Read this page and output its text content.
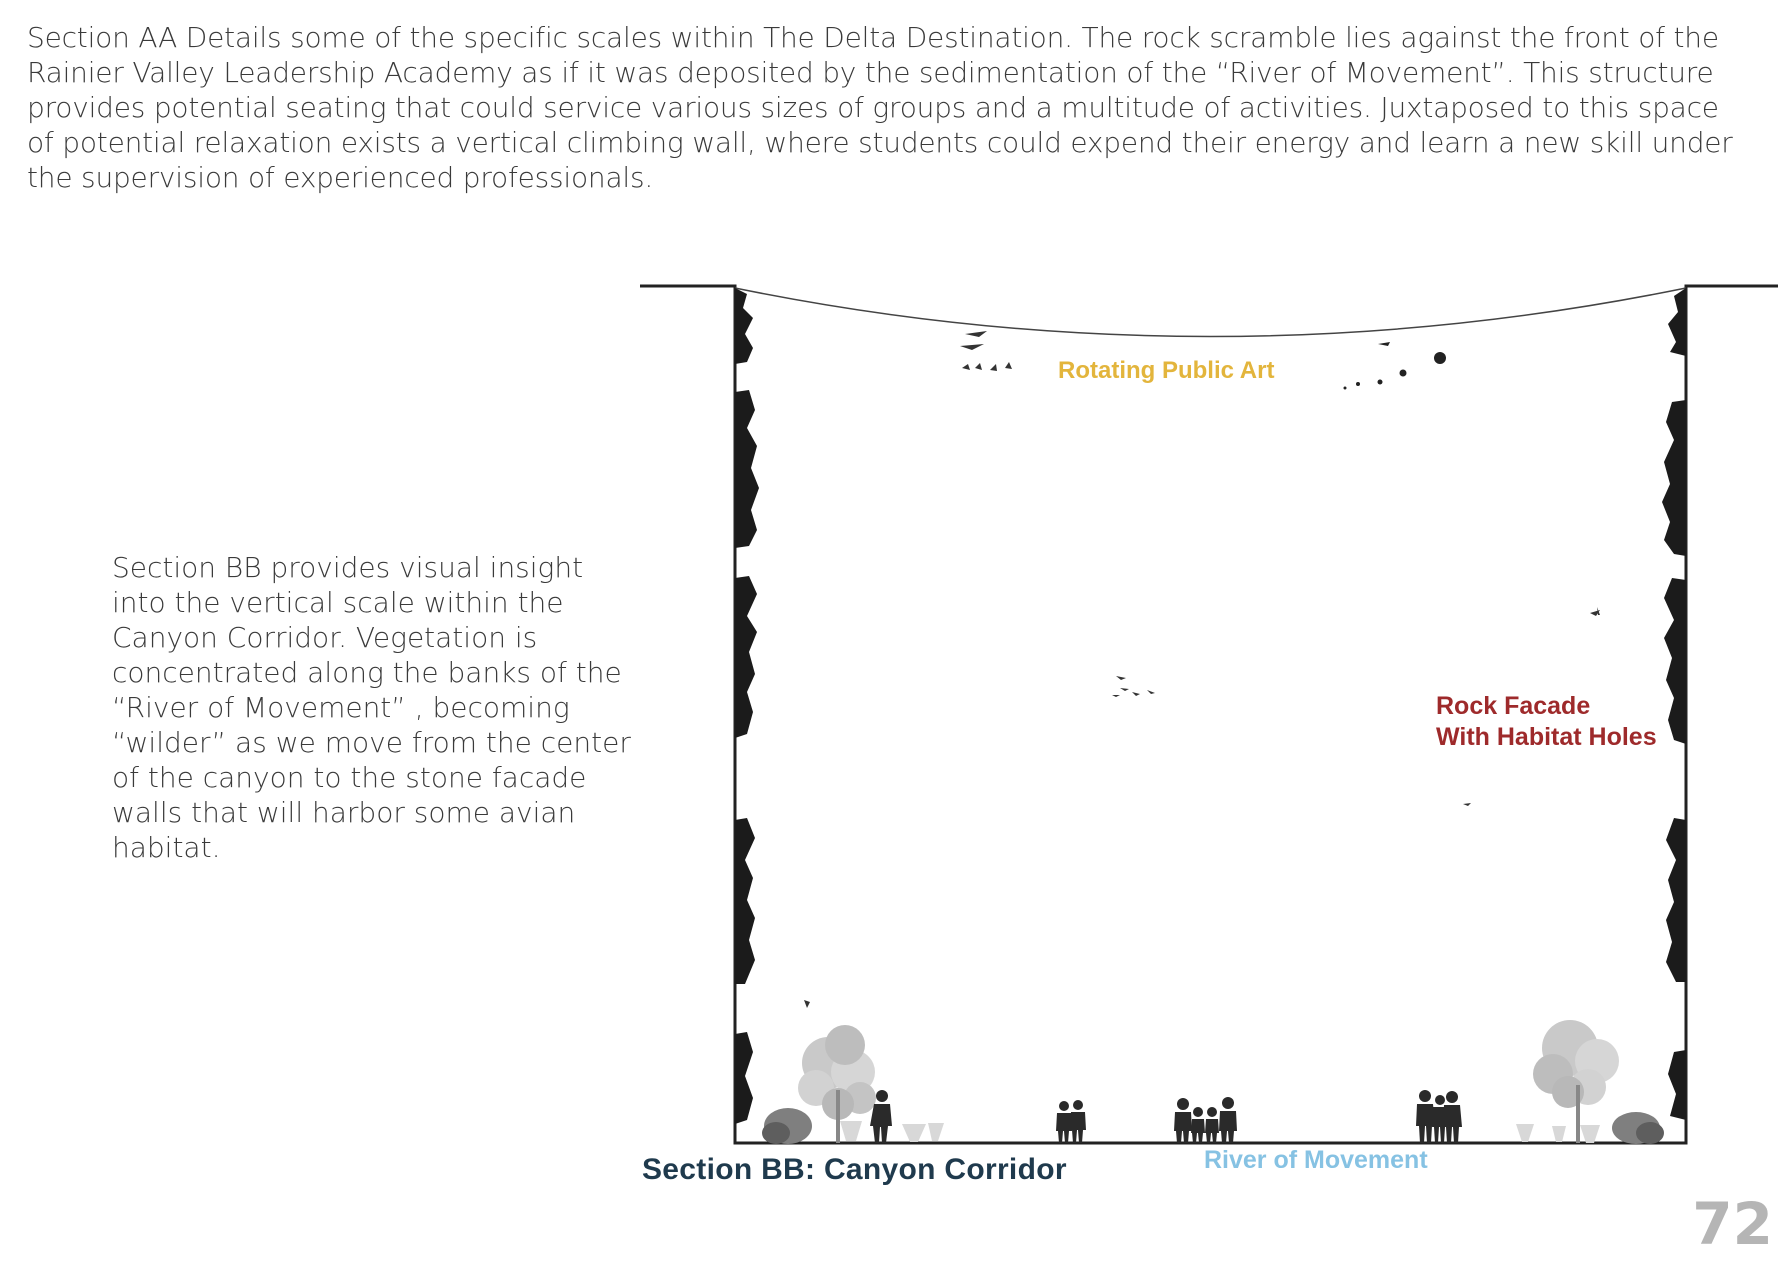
Section AA Details some of the specific scales within The Delta Destination. The rock scramble lies against the front of the Rainier Valley Leadership Academy as if it was deposited by the sedimentation of the “River of Movement”. This structure provides potential seating that could service various sizes of groups and a multitude of activities. Juxtaposed to this space of potential relaxation exists a vertical climbing wall, where students could expend their energy and learn a new skill under the supervision of experienced professionals.

Section BB provides visual insight into the vertical scale within the Canyon Corridor. Vegetation is concentrated along the banks of the “River of Movement” , becoming “wilder” as we move from the center of the canyon to the stone facade walls that will harbor some avian habitat.

Rotating Public Art

Rock Facade
With Habitat Holes

River of Movement

Section BB: Canyon Corridor

72
